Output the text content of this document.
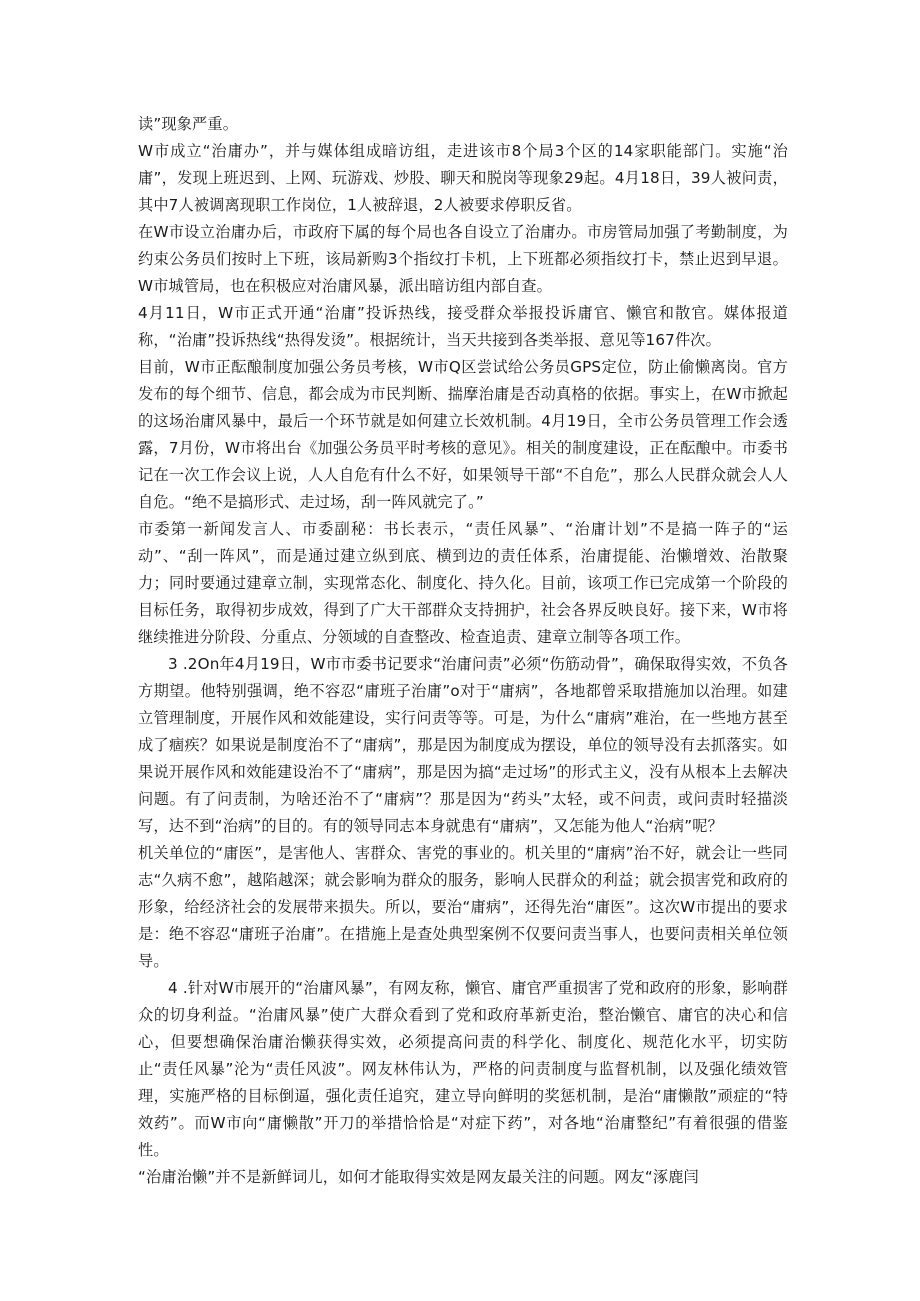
读”现象严重。

W市成立“治庸办”，并与媒体组成暗访组，走进该市8个局3个区的14家职能部门。实施“治庸”，发现上班迟到、上网、玩游戏、炒股、聊天和脱岗等现象29起。4月18日，39人被问责，其中7人被调离现职工作岗位，1人被辞退，2人被要求停职反省。

在W市设立治庸办后，市政府下属的每个局也各自设立了治庸办。市房管局加强了考勤制度，为约束公务员们按时上下班，该局新购3个指纹打卡机，上下班都必须指纹打卡，禁止迟到早退。W市城管局，也在积极应对治庸风暴，派出暗访组内部自查。

4月11日，W市正式开通“治庸”投诉热线，接受群众举报投诉庸官、懒官和散官。媒体报道称，“治庸”投诉热线“热得发烫”。根据统计，当天共接到各类举报、意见等167件次。

目前，W市正酝酿制度加强公务员考核，W市Q区尝试给公务员GPS定位，防止偷懒离岗。官方发布的每个细节、信息，都会成为市民判断、揣摩治庸是否动真格的依据。事实上，在W市掀起的这场治庸风暴中，最后一个环节就是如何建立长效机制。4月19日，全市公务员管理工作会透露，7月份，W市将出台《加强公务员平时考核的意见》。相关的制度建设，正在酝酿中。市委书记在一次工作会议上说，人人自危有什么不好，如果领导干部“不自危”，那么人民群众就会人人自危。“绝不是搞形式、走过场，刮一阵风就完了。”

市委第一新闻发言人、市委副秘：书长表示，“责任风暴”、“治庸计划”不是搞一阵子的“运动”、“刮一阵风”，而是通过建立纵到底、横到边的责任体系，治庸提能、治懒增效、治散聚力；同时要通过建章立制，实现常态化、制度化、持久化。目前，该项工作已完成第一个阶段的目标任务，取得初步成效，得到了广大干部群众支持拥护，社会各界反映良好。接下来，W市将继续推进分阶段、分重点、分领域的自查整改、检查追责、建章立制等各项工作。

3 .2On年4月19日，W市市委书记要求“治庸问责”必须“伤筋动骨”，确保取得实效，不负各方期望。他特别强调，绝不容忍“庸班子治庸”o对于“庸病”，各地都曾采取措施加以治理。如建立管理制度，开展作风和效能建设，实行问责等等。可是，为什么“庸病”难治，在一些地方甚至成了痼疾？如果说是制度治不了“庸病”，那是因为制度成为摆设，单位的领导没有去抓落实。如果说开展作风和效能建设治不了“庸病”，那是因为搞“走过场”的形式主义，没有从根本上去解决问题。有了问责制，为啥还治不了“庸病”？那是因为“药头”太轻，或不问责，或问责时轻描淡写，达不到“治病”的目的。有的领导同志本身就患有“庸病”，又怎能为他人“治病”呢？

机关单位的“庸医”，是害他人、害群众、害党的事业的。机关里的“庸病”治不好，就会让一些同志“久病不愈”，越陷越深；就会影响为群众的服务，影响人民群众的利益；就会损害党和政府的形象，给经济社会的发展带来损失。所以，要治“庸病”，还得先治“庸医”。这次W市提出的要求是：绝不容忍“庸班子治庸”。在措施上是查处典型案例不仅要问责当事人，也要问责相关单位领导。

4 .针对W市展开的“治庸风暴”，有网友称，懒官、庸官严重损害了党和政府的形象，影响群众的切身利益。“治庸风暴”使广大群众看到了党和政府革新吏治，整治懒官、庸官的决心和信心，但要想确保治庸治懒获得实效，必须提高问责的科学化、制度化、规范化水平，切实防止“责任风暴”沦为“责任风波”。网友林伟认为，严格的问责制度与监督机制，以及强化绩效管理，实施严格的目标倒逼，强化责任追究，建立导向鲜明的奖惩机制，是治“庸懒散”顽症的“特效药”。而W市向“庸懒散”开刀的举措恰恰是“对症下药”，对各地“治庸整纪”有着很强的借鉴性。

“治庸治懒”并不是新鲜词儿，如何才能取得实效是网友最关注的问题。网友“涿鹿闫
